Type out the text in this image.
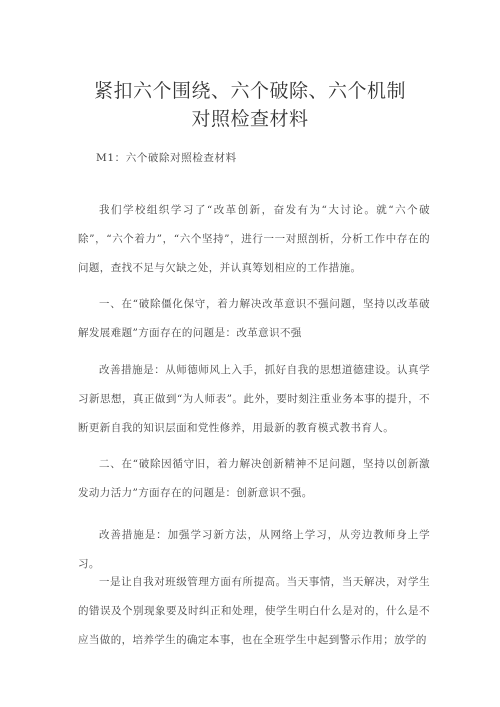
紧扣六个围绕、六个破除、六个机制
对照检查材料
M1：六个破除对照检查材料

我们学校组织学习了“改革创新，奋发有为“大讨论。就“六个破除”，“六个着力”，“六个坚持”，进行一一对照剖析，分析工作中存在的问题，查找不足与欠缺之处，并认真筹划相应的工作措施。

一、在“破除僵化保守，着力解决改革意识不强问题，坚持以改革破解发展难题”方面存在的问题是：改革意识不强

改善措施是：从师德师风上入手，抓好自我的思想道德建设。认真学习新思想，真正做到“为人师表”。此外，要时刻注重业务本事的提升，不断更新自我的知识层面和党性修养，用最新的教育模式教书育人。

二、在“破除因循守旧，着力解决创新精神不足问题，坚持以创新激发动力活力”方面存在的问题是：创新意识不强。

改善措施是：加强学习新方法，从网络上学习，从旁边教师身上学习。

一是让自我对班级管理方面有所提高。当天事情，当天解决，对学生的错误及个别现象要及时纠正和处理，使学生明白什么是对的，什么是不应当做的，培养学生的确定本事，也在全班学生中起到警示作用；放学的
